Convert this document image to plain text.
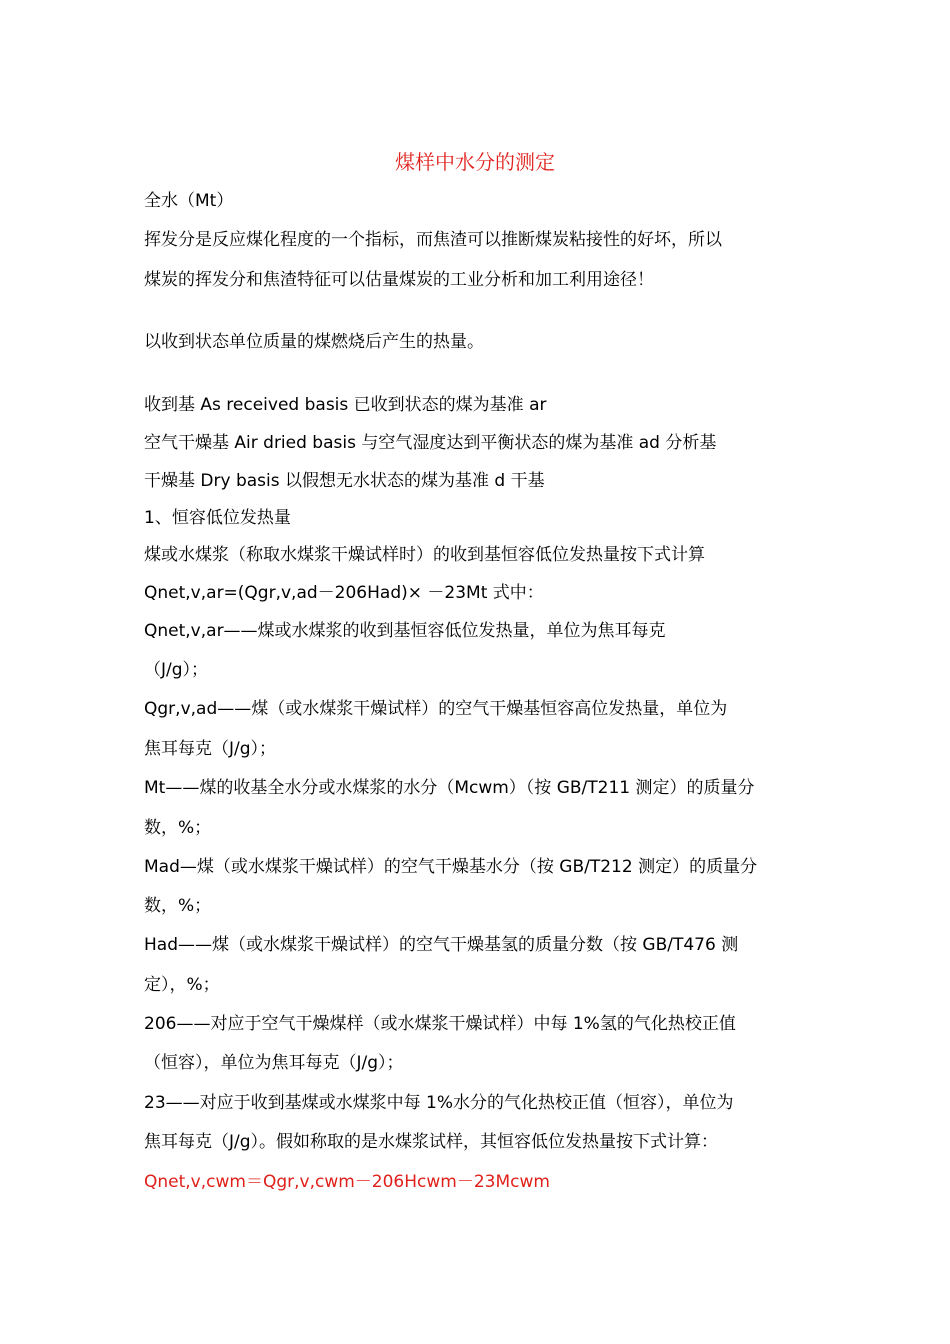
煤样中水分的测定
全水（Mt）
挥发分是反应煤化程度的一个指标，而焦渣可以推断煤炭粘接性的好坏，所以
煤炭的挥发分和焦渣特征可以估量煤炭的工业分析和加工利用途径！
以收到状态单位质量的煤燃烧后产生的热量。
收到基 As received basis 已收到状态的煤为基准 ar
空气干燥基 Air dried basis 与空气湿度达到平衡状态的煤为基准 ad 分析基
干燥基 Dry basis 以假想无水状态的煤为基准 d 干基
1、恒容低位发热量
煤或水煤浆（称取水煤浆干燥试样时）的收到基恒容低位发热量按下式计算
Qnet,v,ar=(Qgr,v,ad－206Had)× －23Mt 式中：
Qnet,v,ar——煤或水煤浆的收到基恒容低位发热量，单位为焦耳每克
（J/g）；
Qgr,v,ad——煤（或水煤浆干燥试样）的空气干燥基恒容高位发热量，单位为
焦耳每克（J/g）；
Mt——煤的收基全水分或水煤浆的水分（Mcwm）（按 GB/T211 测定）的质量分
数，%；
Mad—煤（或水煤浆干燥试样）的空气干燥基水分（按 GB/T212 测定）的质量分
数，%；
Had——煤（或水煤浆干燥试样）的空气干燥基氢的质量分数（按 GB/T476 测
定），%；
206——对应于空气干燥煤样（或水煤浆干燥试样）中每 1%氢的气化热校正值
（恒容），单位为焦耳每克（J/g）；
23——对应于收到基煤或水煤浆中每 1%水分的气化热校正值（恒容），单位为
焦耳每克（J/g）。假如称取的是水煤浆试样，其恒容低位发热量按下式计算：
Qnet,v,cwm＝Qgr,v,cwm－206Hcwm－23Mcwm
